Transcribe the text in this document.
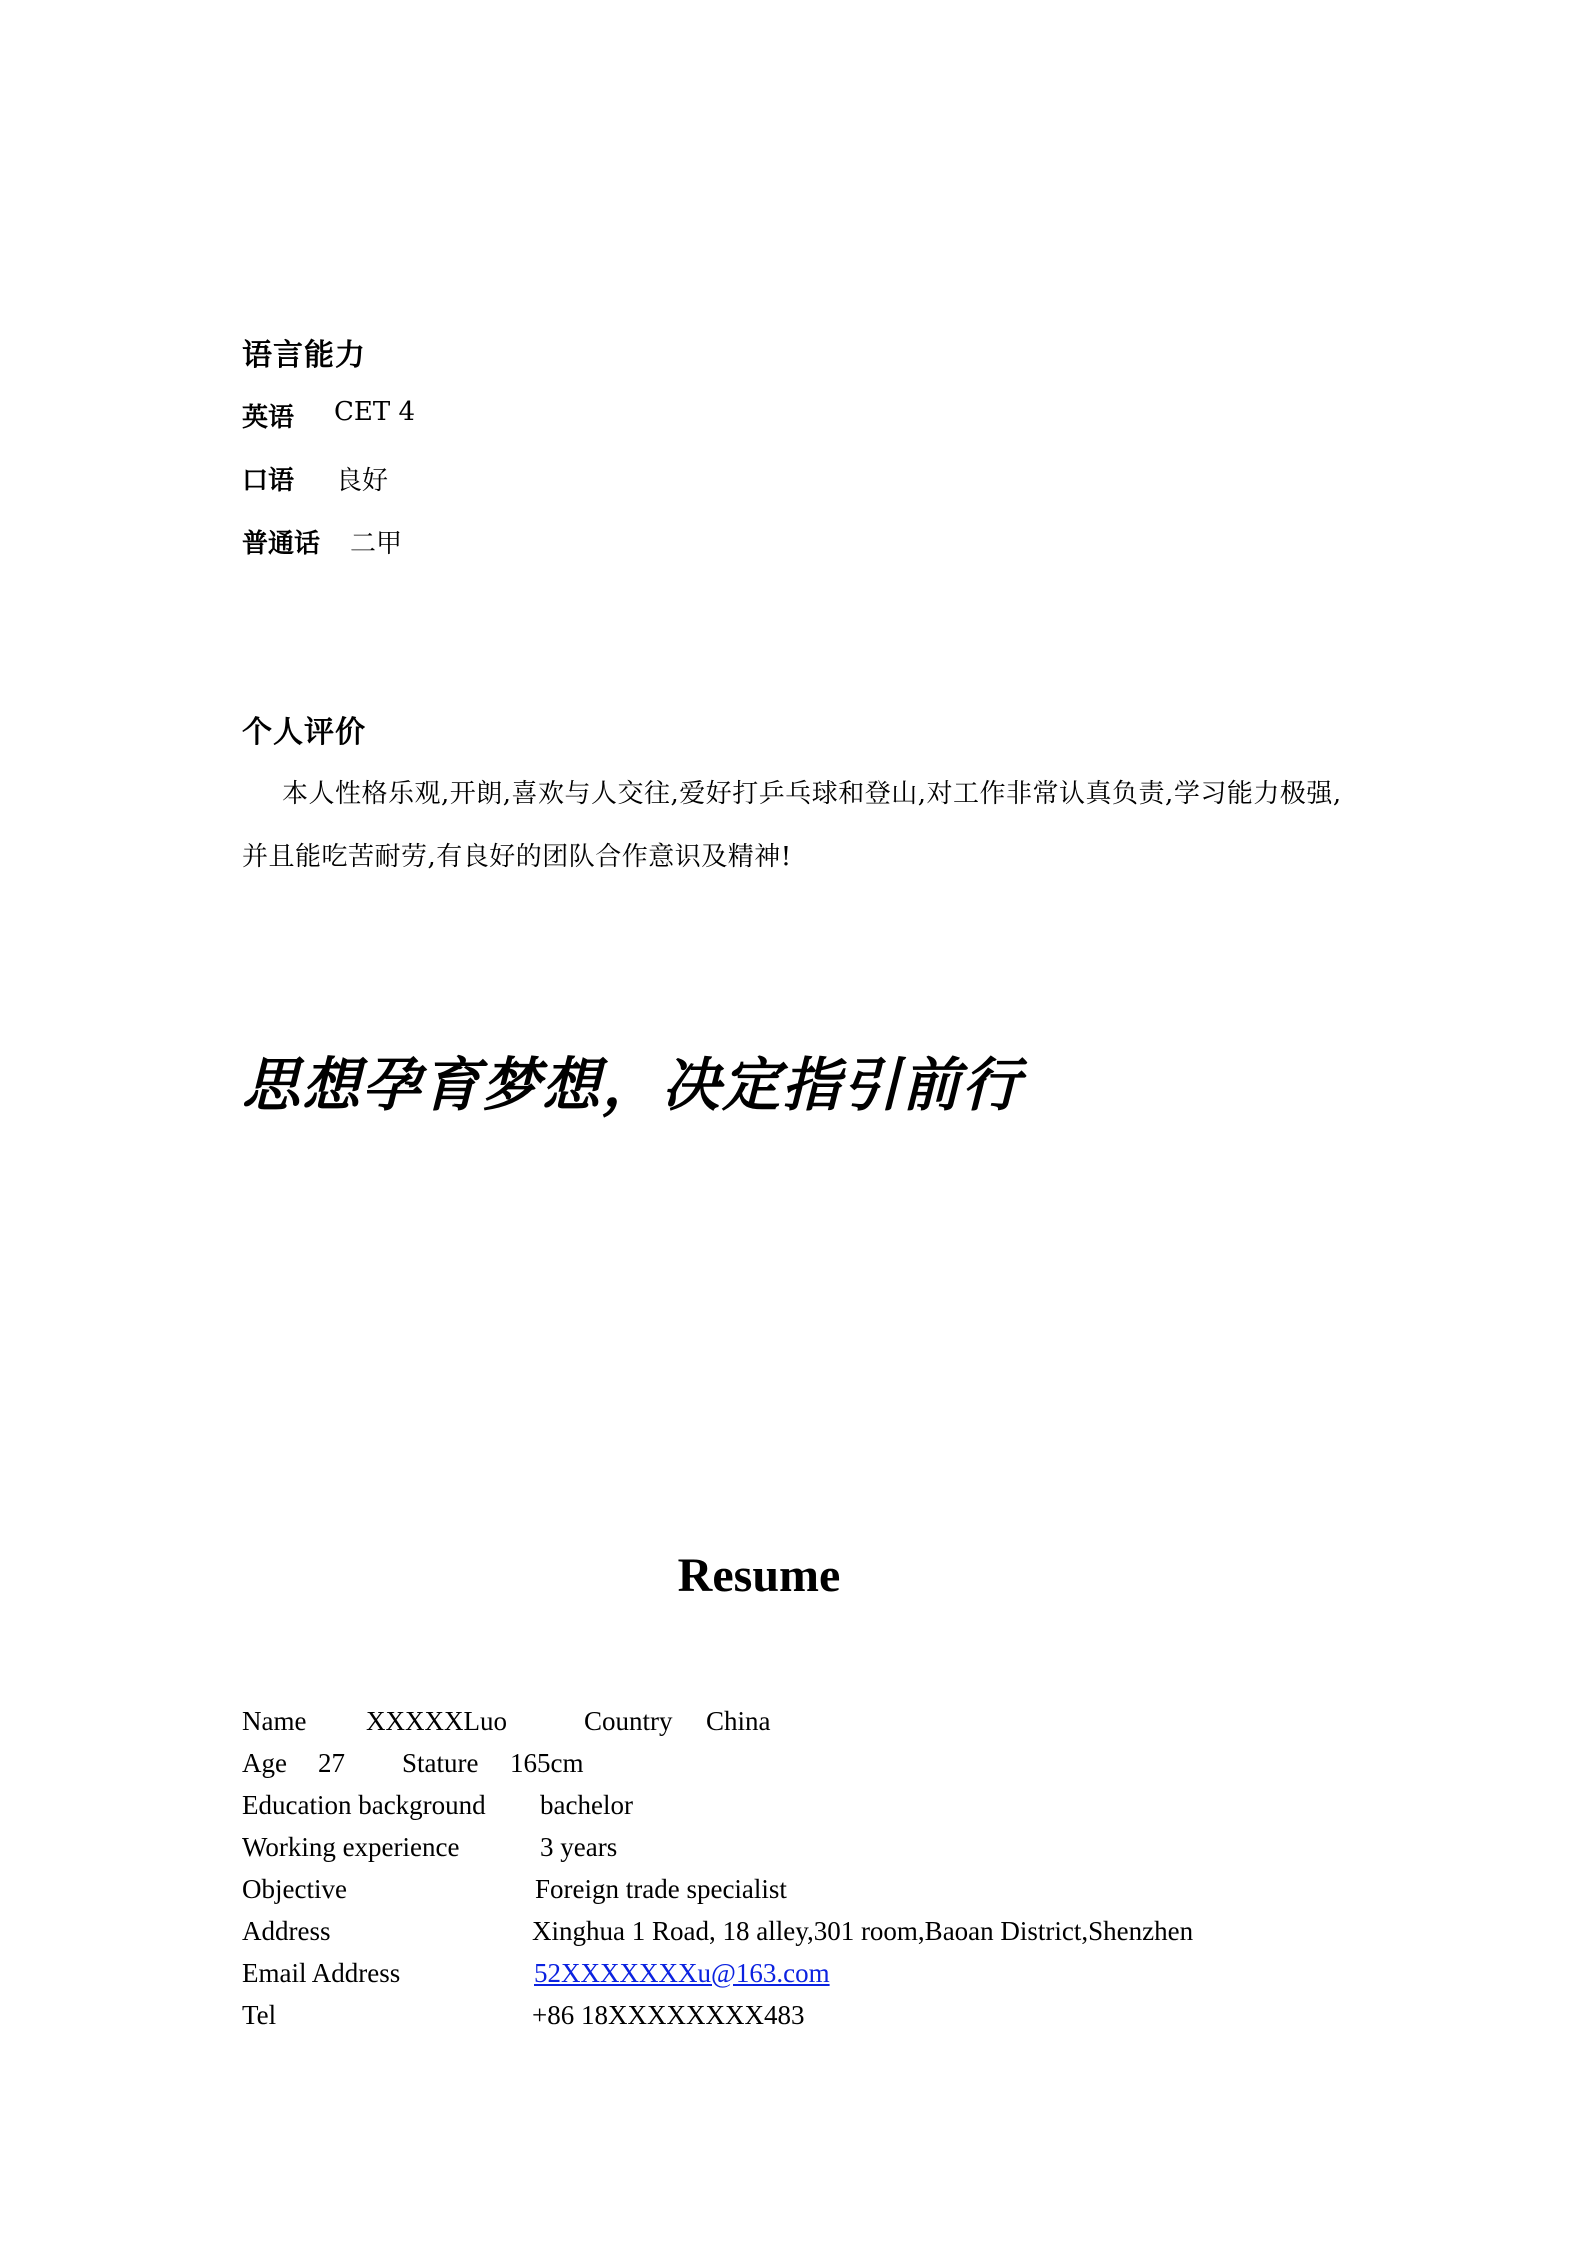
语言能力
英语 CET 4
口语 良好
普通话 二甲
个人评价
本人性格乐观,开朗,喜欢与人交往,爱好打乒乓球和登山,对工作非常认真负责,学习能力极强,
并且能吃苦耐劳,有良好的团队合作意识及精神!
思想孕育梦想，决定指引前行
Resume
Name XXXXXLuo	Country China
Age 27 Stature 165cm
Education background bachelor
Working experience	3 years
Objective	Foreign trade specialist
Address	Xinghua 1 Road, 18 alley,301 room,Baoan District,Shenzhen
Email Address	52XXXXXXXu@163.com
Tel	+86 18XXXXXXXX483
